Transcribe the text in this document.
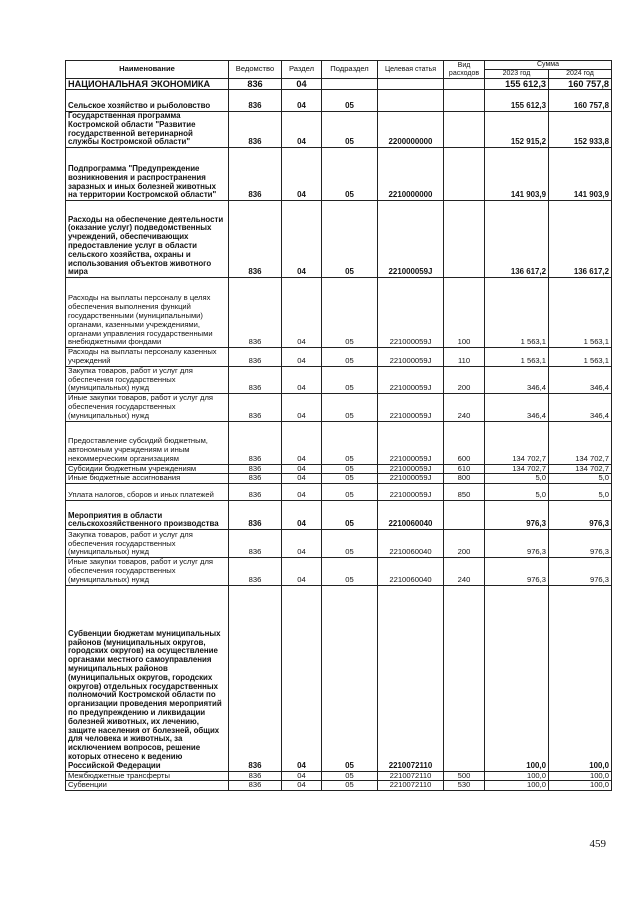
Наименование	Ведомство	Раздел	Подраздел	Целевая статья	Вид расходов	Сумма	
						2023 год	2024 год
НАЦИОНАЛЬНАЯ ЭКОНОМИКА	836	04				155 612,3	160 757,8
Сельское хозяйство и рыболовство	836	04	05			155 612,3	160 757,8
Государственная программа Костромской области "Развитие государственной ветеринарной службы Костромской области"	836	04	05	2200000000		152 915,2	152 933,8
Подпрограмма "Предупреждение возникновения и распространения заразных и иных болезней животных на территории Костромской области"	836	04	05	2210000000		141 903,9	141 903,9
Расходы на обеспечение деятельности (оказание услуг) подведомственных учреждений, обеспечивающих предоставление услуг в области сельского хозяйства, охраны и использования объектов животного мира	836	04	05	221000059J		136 617,2	136 617,2
Расходы на выплаты персоналу в целях обеспечения выполнения функций государственными (муниципальными) органами, казенными учреждениями, органами управления государственными внебюджетными фондами	836	04	05	221000059J	100	1 563,1	1 563,1
Расходы на выплаты персоналу казенных учреждений	836	04	05	221000059J	110	1 563,1	1 563,1
Закупка товаров, работ и услуг для обеспечения государственных (муниципальных) нужд	836	04	05	221000059J	200	346,4	346,4
Иные закупки товаров, работ и услуг для обеспечения государственных (муниципальных) нужд	836	04	05	221000059J	240	346,4	346,4
Предоставление субсидий бюджетным, автономным учреждениям и иным некоммерческим организациям	836	04	05	221000059J	600	134 702,7	134 702,7
Субсидии бюджетным учреждениям	836	04	05	221000059J	610	134 702,7	134 702,7
Иные бюджетные ассигнования	836	04	05	221000059J	800	5,0	5,0
Уплата налогов, сборов и иных платежей	836	04	05	221000059J	850	5,0	5,0
Мероприятия в области сельскохозяйственного производства	836	04	05	2210060040		976,3	976,3
Закупка товаров, работ и услуг для обеспечения государственных (муниципальных) нужд	836	04	05	2210060040	200	976,3	976,3
Иные закупки товаров, работ и услуг для обеспечения государственных (муниципальных) нужд	836	04	05	2210060040	240	976,3	976,3
Субвенции бюджетам муниципальных районов (муниципальных округов, городских округов) на осуществление органами местного самоуправления муниципальных районов (муниципальных округов, городских округов) отдельных государственных полномочий Костромской области по организации проведения мероприятий по предупреждению и ликвидации болезней животных, их лечению, защите населения от болезней, общих для человека и животных, за исключением вопросов, решение которых отнесено к ведению Российской Федерации	836	04	05	2210072110		100,0	100,0
Межбюджетные трансферты	836	04	05	2210072110	500	100,0	100,0
Субвенции	836	04	05	2210072110	530	100,0	100,0
459
